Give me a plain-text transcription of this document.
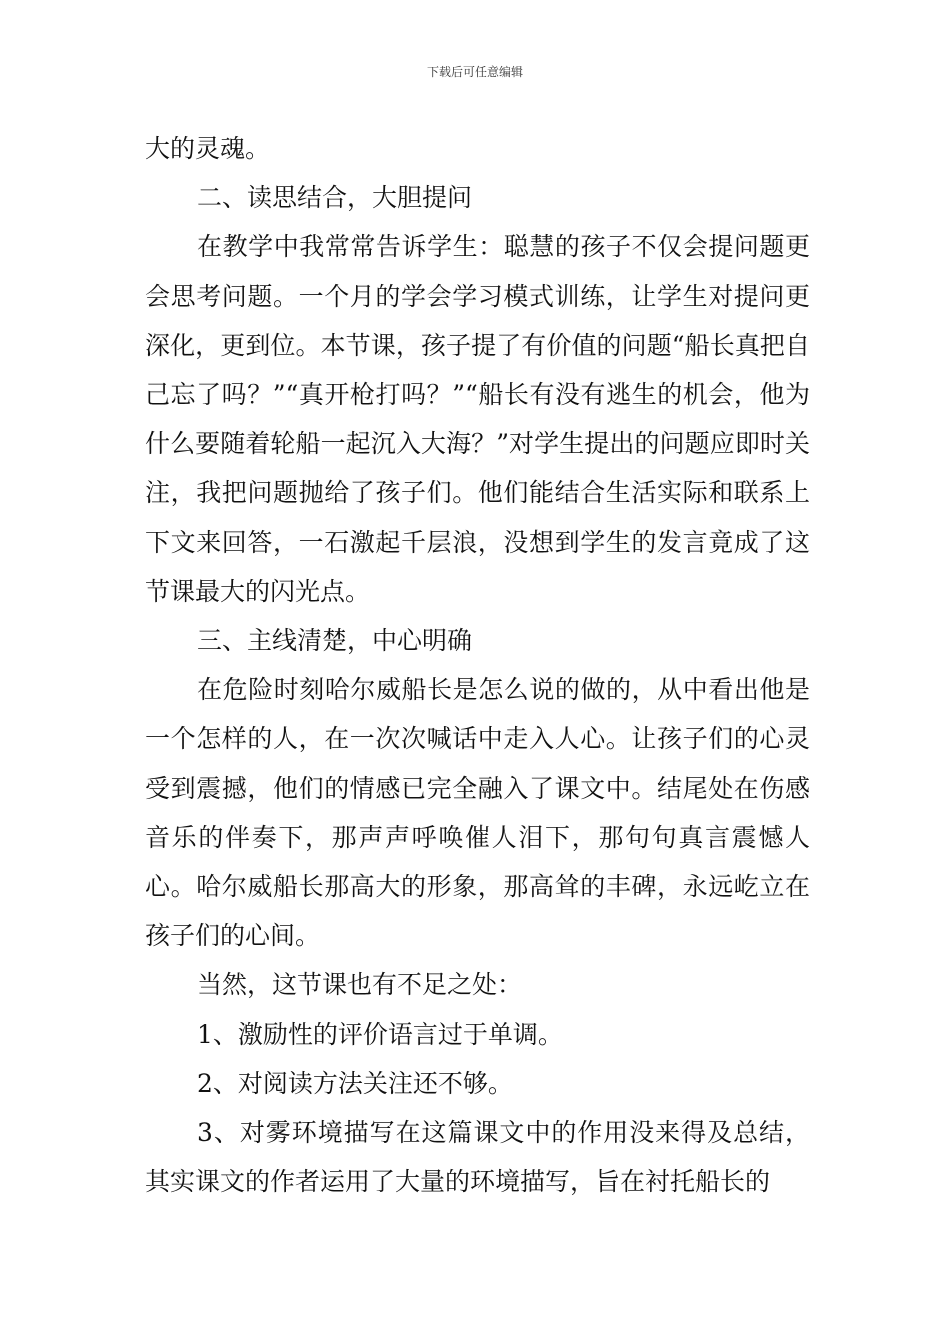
下载后可任意编辑

大的灵魂。

二、读思结合，大胆提问

在教学中我常常告诉学生：聪慧的孩子不仅会提问题更会思考问题。一个月的学会学习模式训练，让学生对提问更深化，更到位。本节课，孩子提了有价值的问题“船长真把自己忘了吗？”“真开枪打吗？”“船长有没有逃生的机会，他为什么要随着轮船一起沉入大海？”对学生提出的问题应即时关注，我把问题抛给了孩子们。他们能结合生活实际和联系上下文来回答，一石激起千层浪，没想到学生的发言竟成了这节课最大的闪光点。

三、主线清楚，中心明确

在危险时刻哈尔威船长是怎么说的做的，从中看出他是一个怎样的人，在一次次喊话中走入人心。让孩子们的心灵受到震撼，他们的情感已完全融入了课文中。结尾处在伤感音乐的伴奏下，那声声呼唤催人泪下，那句句真言震憾人心。哈尔威船长那高大的形象，那高耸的丰碑，永远屹立在孩子们的心间。

当然，这节课也有不足之处：

1、激励性的评价语言过于单调。

2、对阅读方法关注还不够。

3、对雾环境描写在这篇课文中的作用没来得及总结，其实课文的作者运用了大量的环境描写，旨在衬托船长的
